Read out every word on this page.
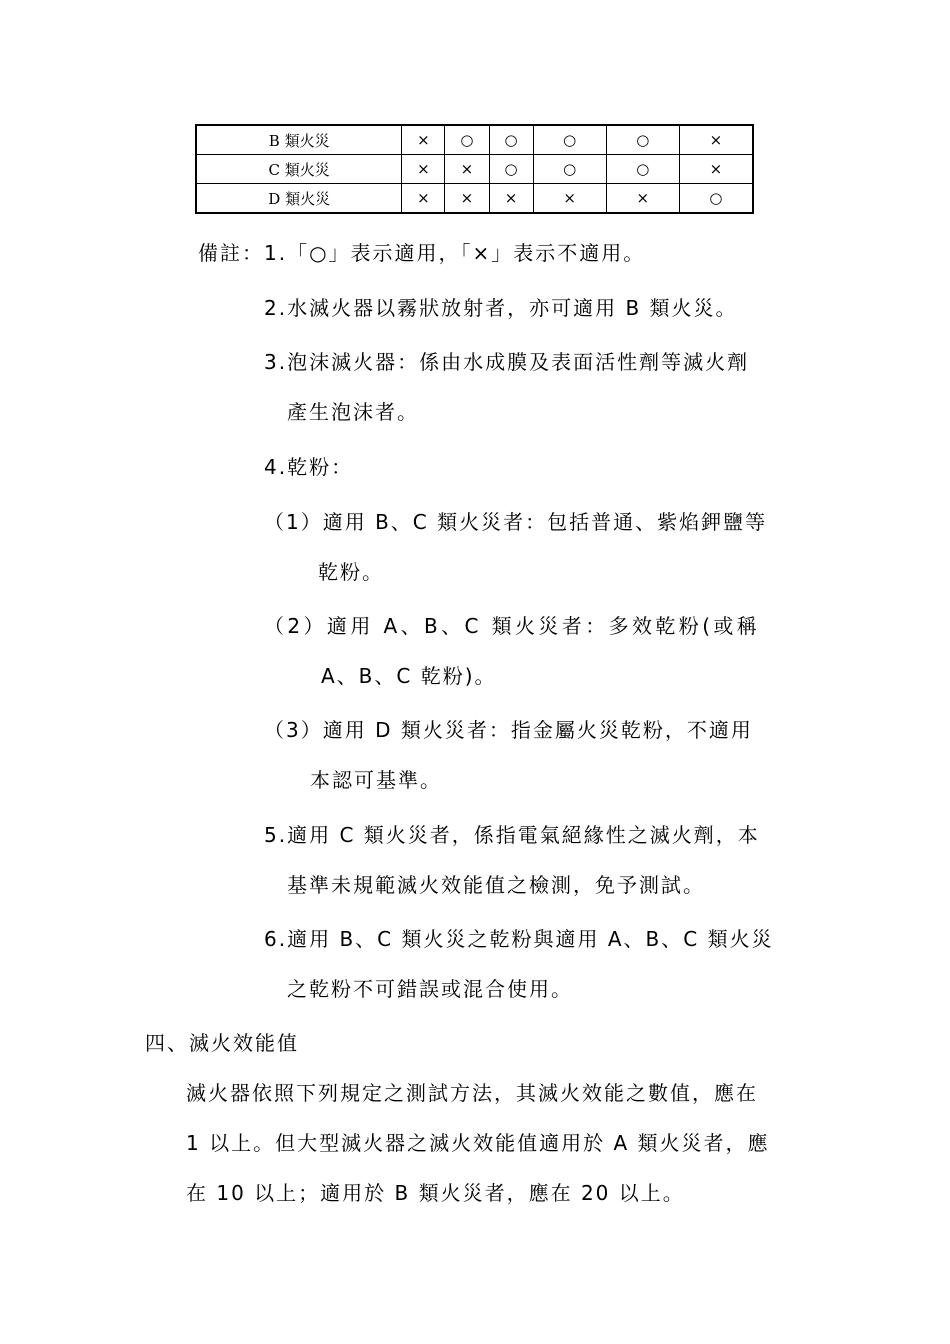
B 類火災	×	○	○	○	○	×
C 類火災	×	×	○	○	○	×
D 類火災	×	×	×	×	×	○
備註：1.「○」表示適用，「×」表示不適用。
2.水滅火器以霧狀放射者，亦可適用 B 類火災。
3.泡沫滅火器：係由水成膜及表面活性劑等滅火劑
產生泡沫者。
4.乾粉：
（1）適用 B、C 類火災者：包括普通、紫焰鉀鹽等
乾粉。
（2）適用 A、B、C 類火災者：多效乾粉(或稱
A、B、C 乾粉)。
（3）適用 D 類火災者：指金屬火災乾粉，不適用
本認可基準。
5.適用 C 類火災者，係指電氣絕緣性之滅火劑，本
基準未規範滅火效能值之檢測，免予測試。
6.適用 B、C 類火災之乾粉與適用 A、B、C 類火災
之乾粉不可錯誤或混合使用。
四、滅火效能值
滅火器依照下列規定之測試方法，其滅火效能之數值，應在
1 以上。但大型滅火器之滅火效能值適用於 A 類火災者，應
在 10 以上；適用於 B 類火災者，應在 20 以上。
